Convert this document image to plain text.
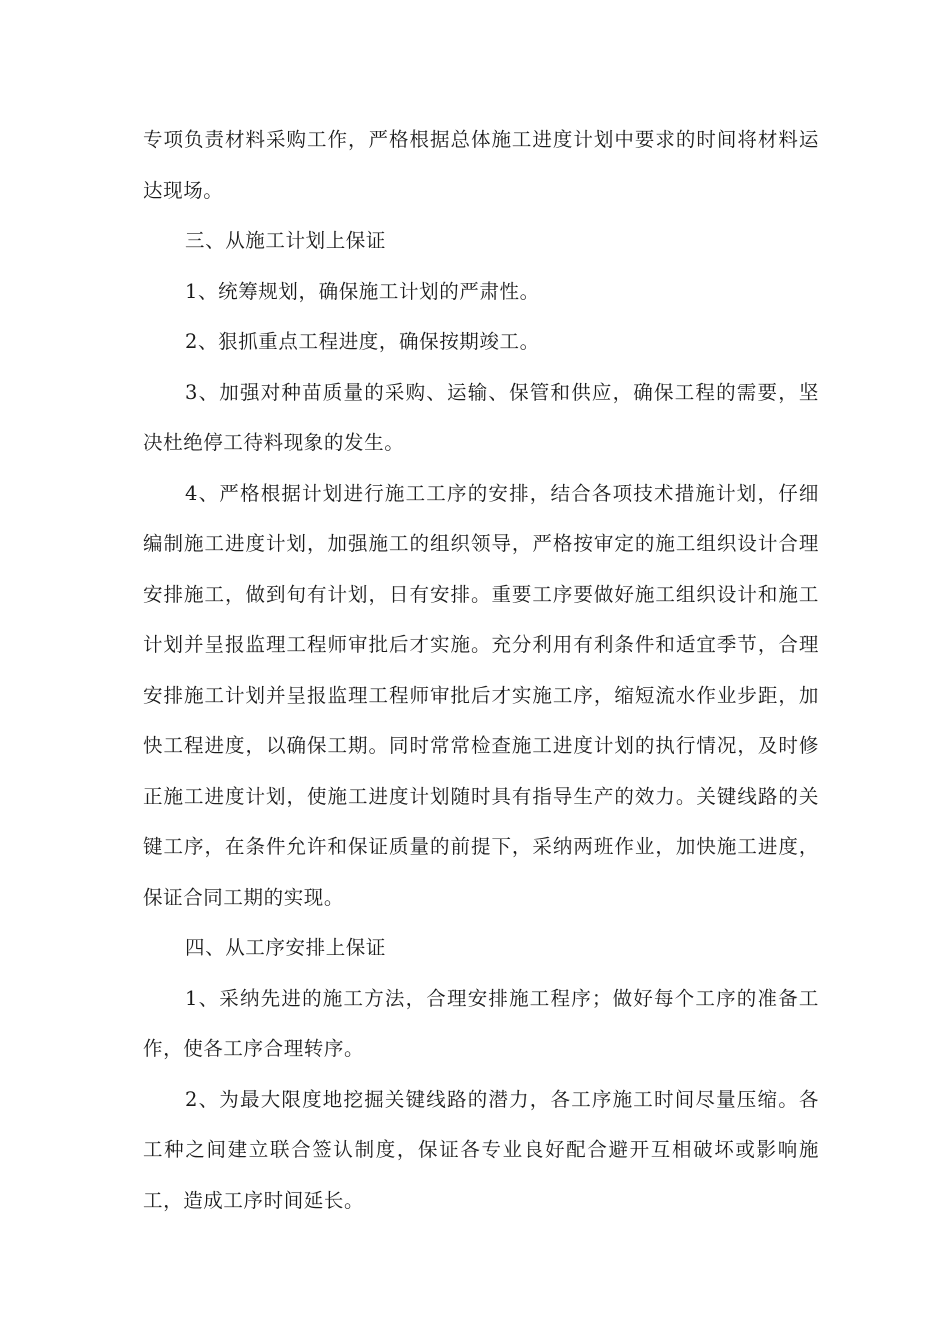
专项负责材料采购工作，严格根据总体施工进度计划中要求的时间将材料运达现场。

三、从施工计划上保证

1、统筹规划，确保施工计划的严肃性。

2、狠抓重点工程进度，确保按期竣工。

3、加强对种苗质量的采购、运输、保管和供应，确保工程的需要，坚决杜绝停工待料现象的发生。

4、严格根据计划进行施工工序的安排，结合各项技术措施计划，仔细编制施工进度计划，加强施工的组织领导，严格按审定的施工组织设计合理安排施工，做到旬有计划，日有安排。重要工序要做好施工组织设计和施工计划并呈报监理工程师审批后才实施。充分利用有利条件和适宜季节，合理安排施工计划并呈报监理工程师审批后才实施工序，缩短流水作业步距，加快工程进度，以确保工期。同时常常检查施工进度计划的执行情况，及时修正施工进度计划，使施工进度计划随时具有指导生产的效力。关键线路的关键工序，在条件允许和保证质量的前提下，采纳两班作业，加快施工进度，保证合同工期的实现。

四、从工序安排上保证

1、采纳先进的施工方法，合理安排施工程序；做好每个工序的准备工作，使各工序合理转序。

2、为最大限度地挖掘关键线路的潜力，各工序施工时间尽量压缩。各工种之间建立联合签认制度，保证各专业良好配合避开互相破坏或影响施工，造成工序时间延长。
